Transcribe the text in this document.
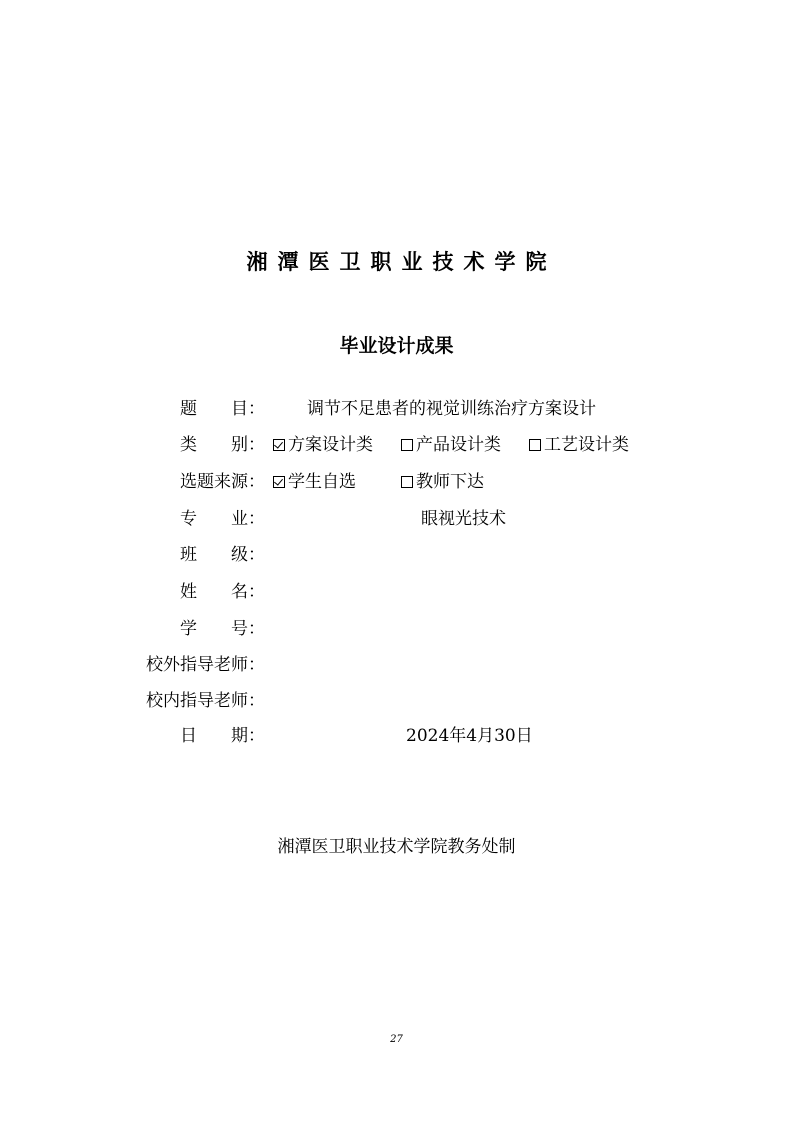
湘潭医卫职业技术学院
毕业设计成果
题 目： 调节不足患者的视觉训练治疗方案设计
类 别：	方案设计类	产品设计类	工艺设计类
选题来源：	学生自选	教师下达
专 业：	眼视光技术
班 级：
姓 名：
学 号：
校外指导老师：
校内指导老师：
日 期：	2024年4月30日
湘潭医卫职业技术学院教务处制
27
